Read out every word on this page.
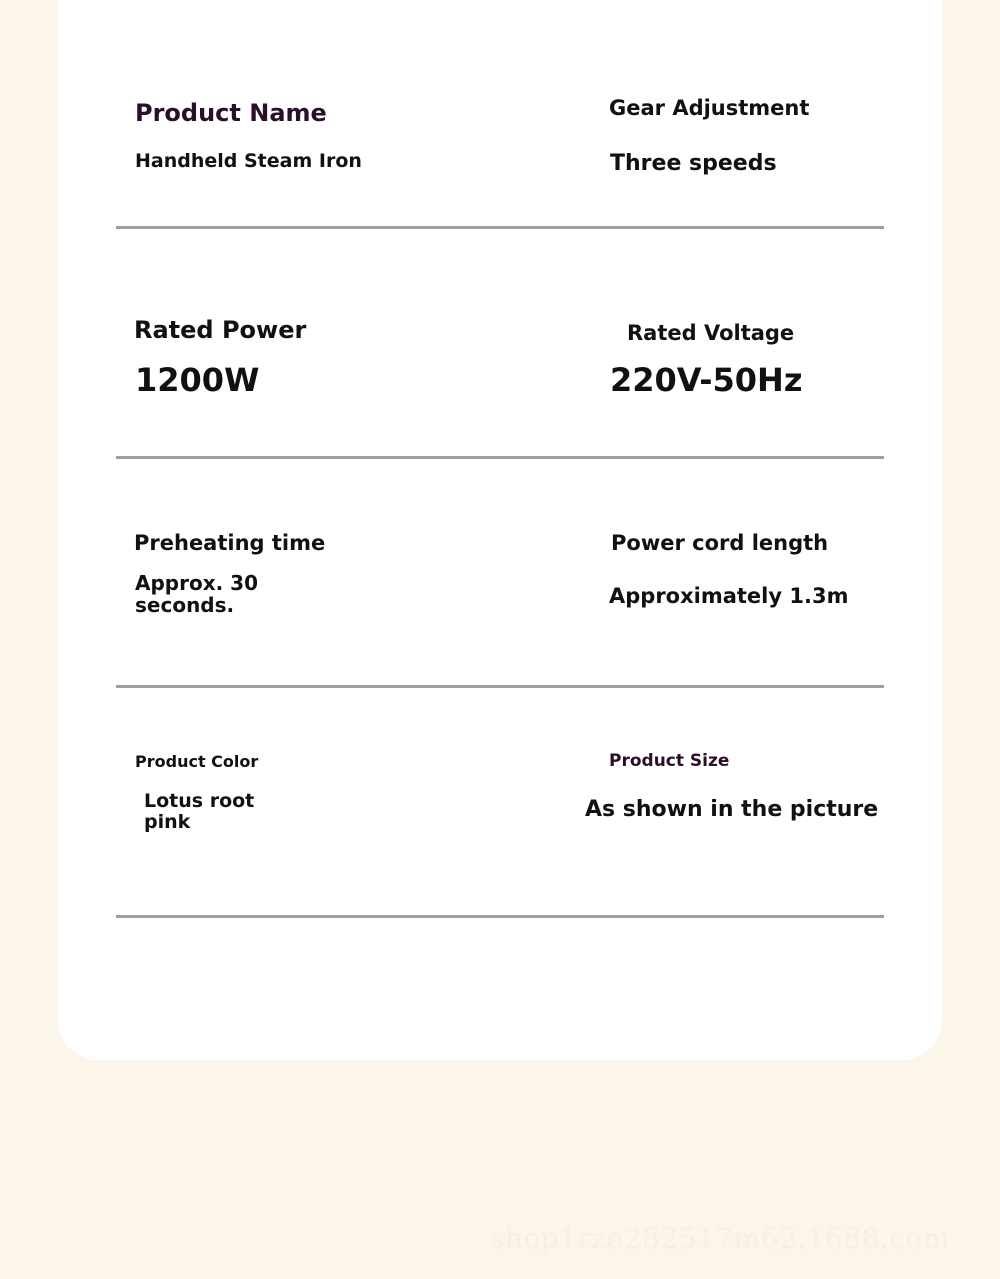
Product Name
Handheld Steam Iron
Gear Adjustment
Three speeds
Rated Power
1200W
Rated Voltage
220V-50Hz
Preheating time
Approx. 30 seconds.
Power cord length
Approximately 1.3m
Product Color
Lotus root pink
Product Size
As shown in the picture
shop1rze282517m62.1688.com
